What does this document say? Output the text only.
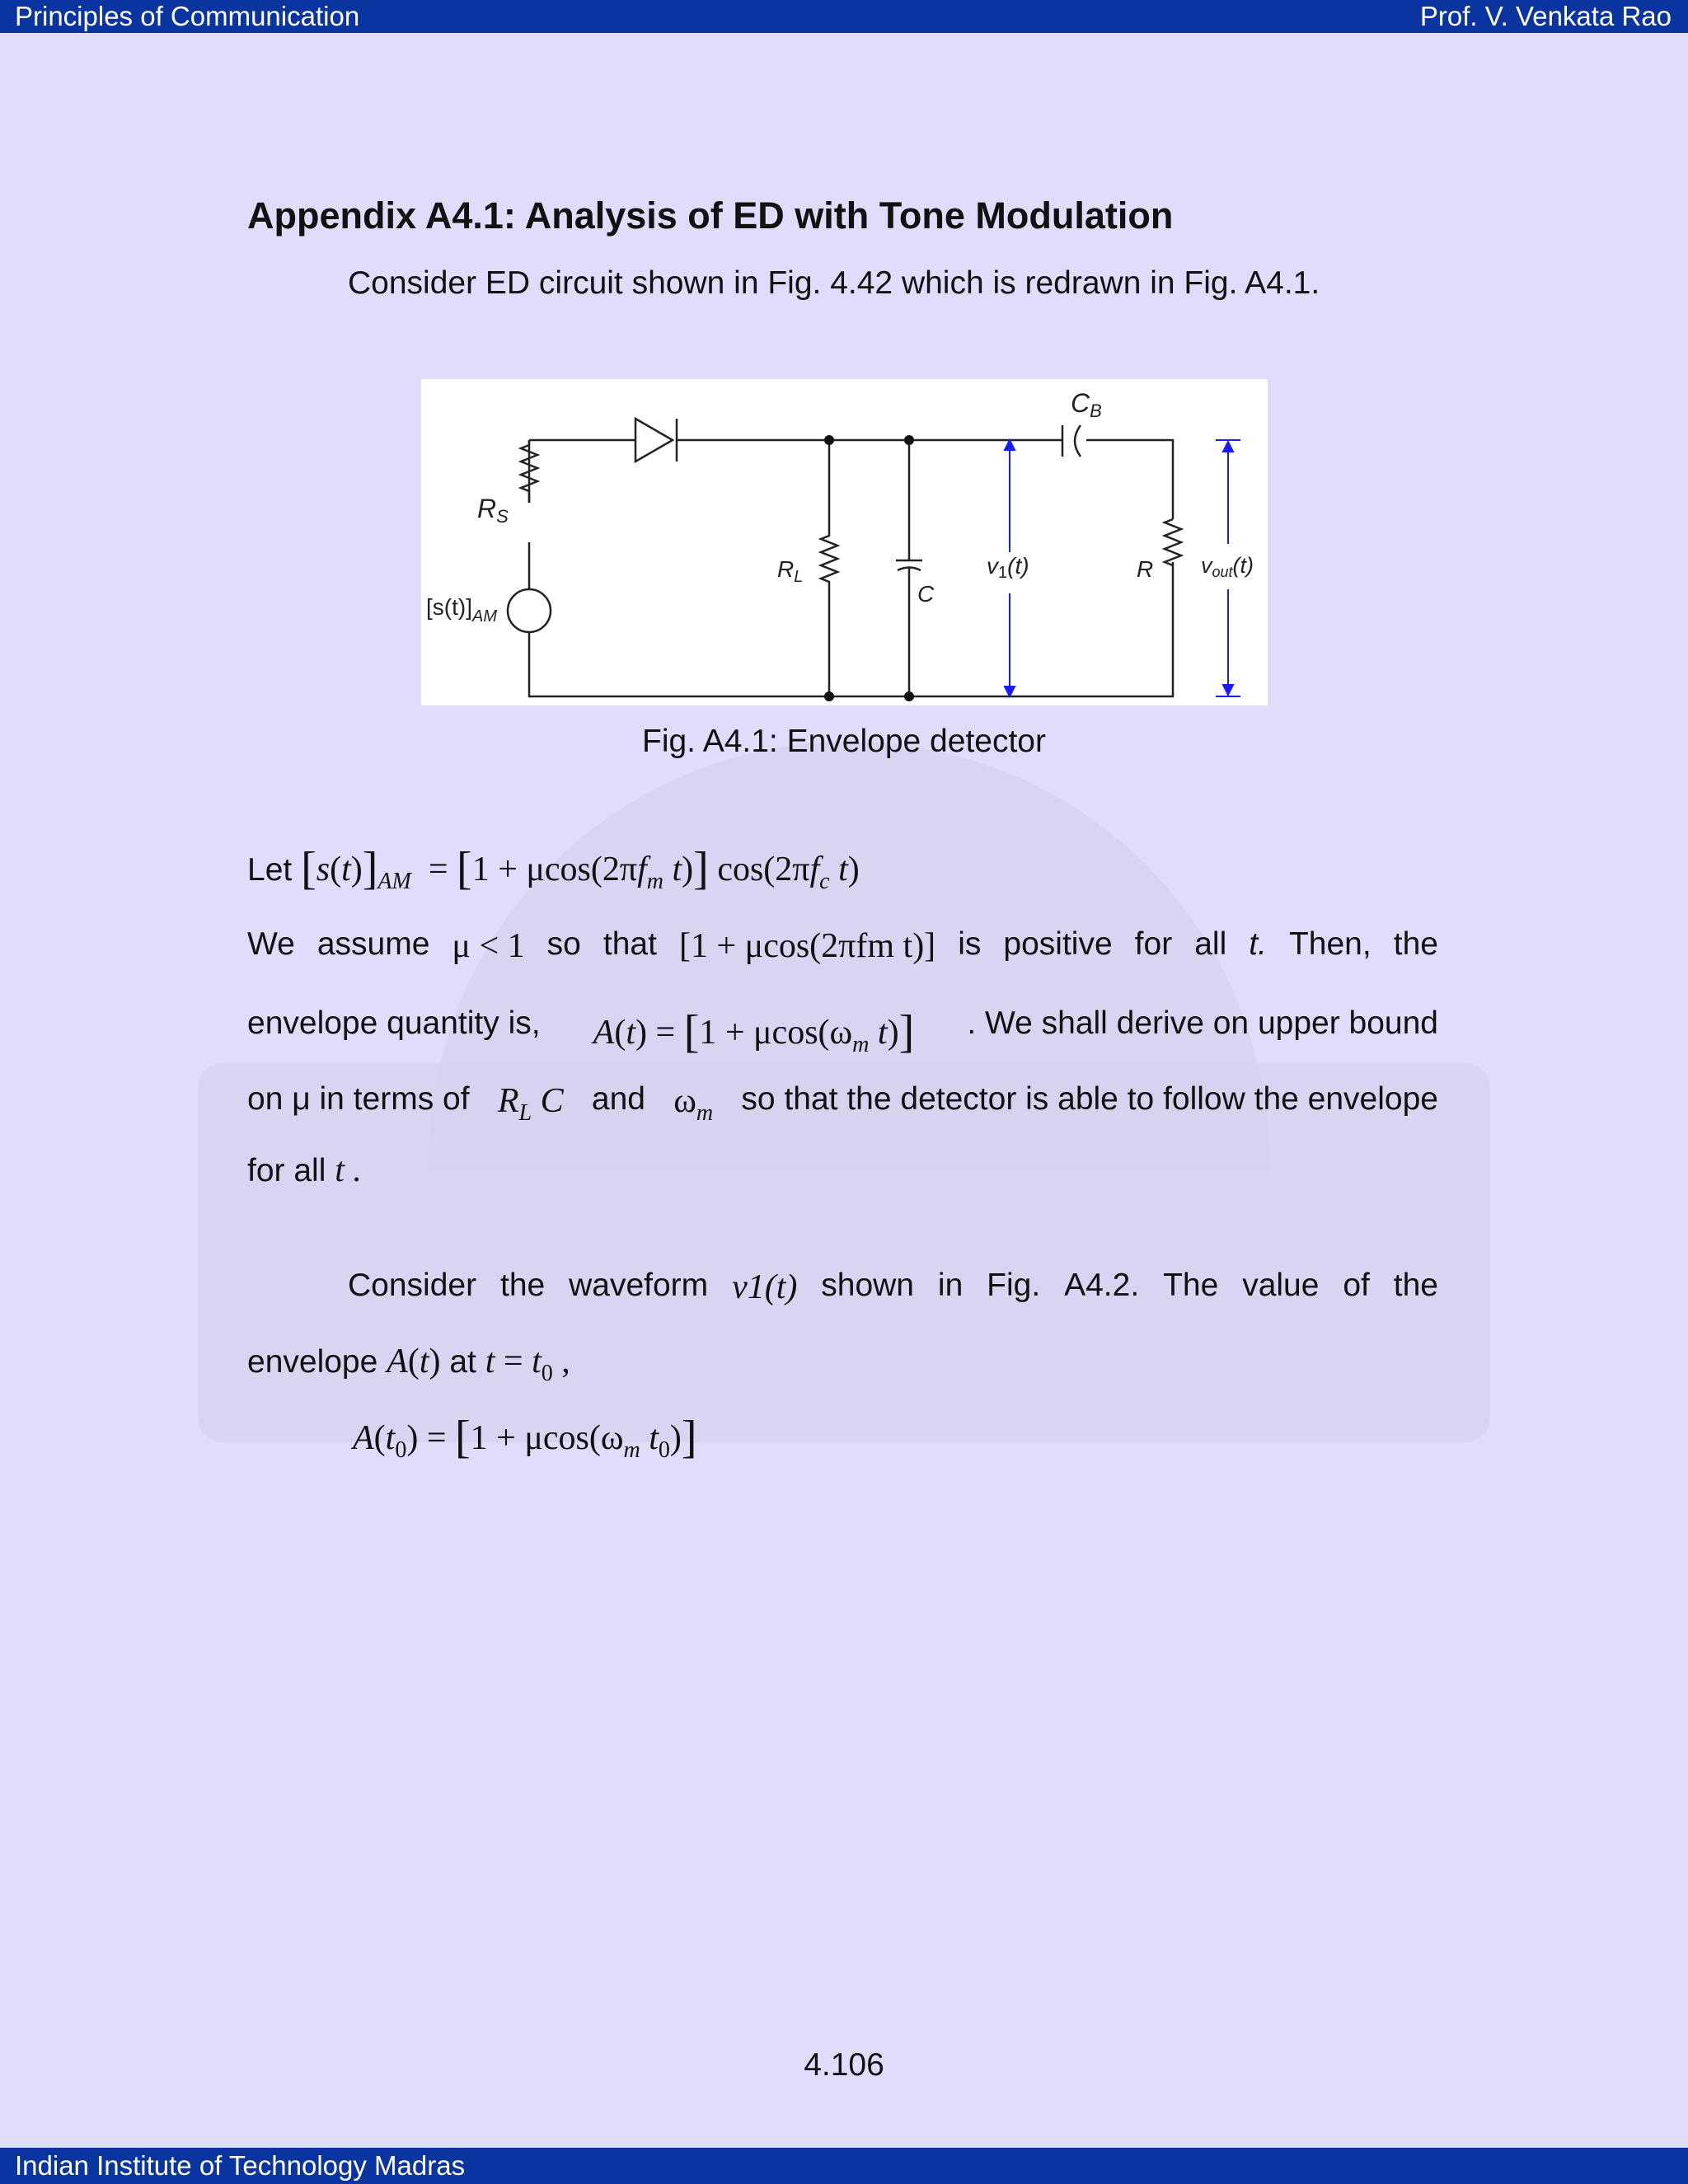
Principles of Communication	Prof. V. Venkata Rao
Appendix A4.1: Analysis of ED with Tone Modulation
Consider ED circuit shown in Fig. 4.42 which is redrawn in Fig. A4.1.
CB
RS
$R_L$
C
v1(t)	R vout(t)
$[s(t)]_{AM}$
Fig. A4.1: Envelope detector
Let $[s(t)]_{AM} = [1 + \mu\cos(2\pi f_m$ t)] $\cos(2\pi f_c$ t)
We assume μ < 1 so that [1 + μcos(2πfm t)] is positive for all t. Then, the
envelope quantity is, $A(t) = [1 + \mu\cos(\omega_m$ t)] . We shall derive on upper bound
on μ in terms of $R_L$ C and $\omega_m$ so that the detector is able to follow the envelope
for all t .
Consider the waveform v1(t) shown in Fig. A4.2. The value of the
envelope A(t) at $t = t_0$ ,
$A(t_0) = [1 + \mu\cos(\omega_m$ $t_0$)]
4.106
Indian Institute of Technology Madras
